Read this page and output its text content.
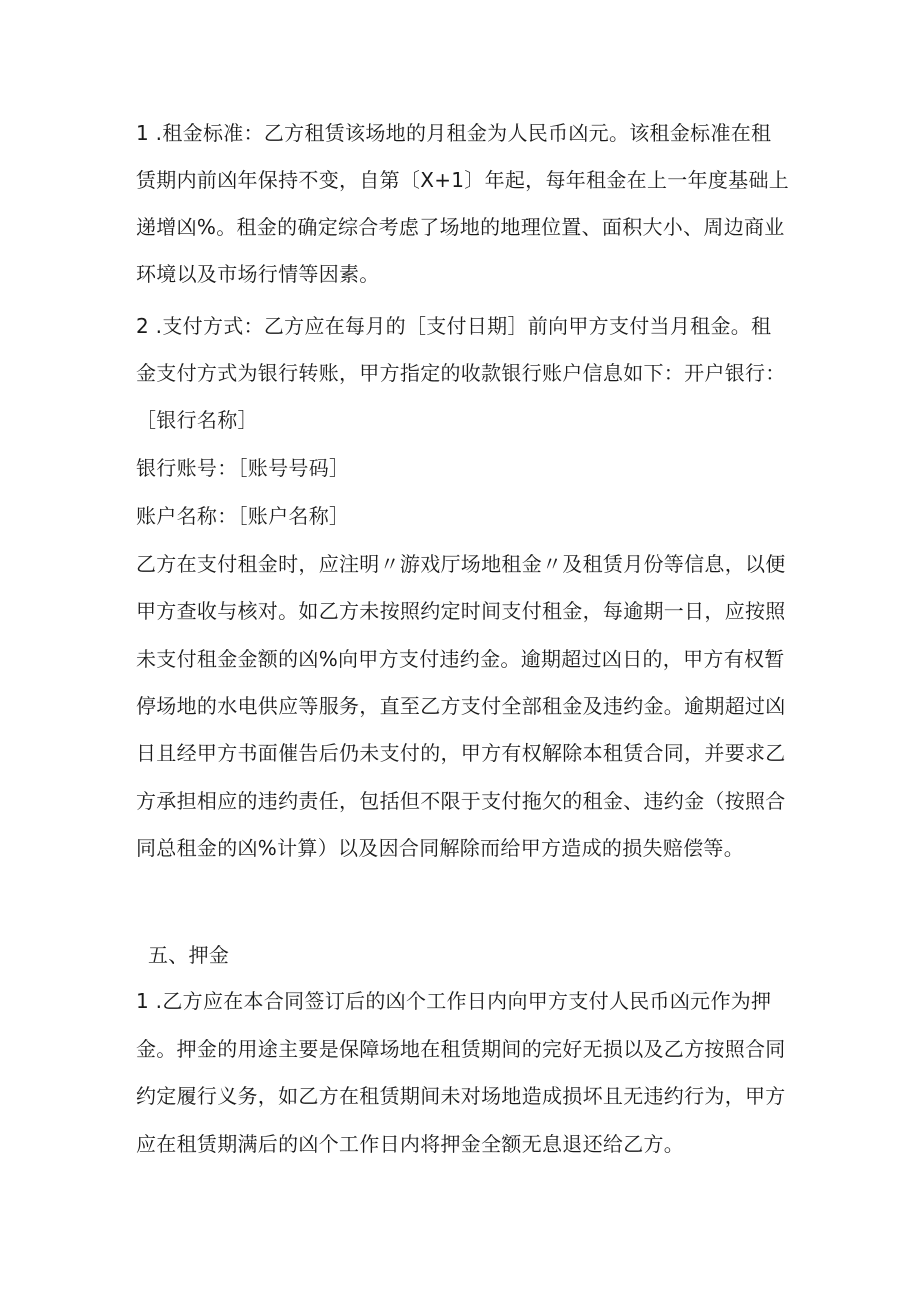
1 .租金标准：乙方租赁该场地的月租金为人民币凶元。该租金标准在租
赁期内前凶年保持不变，自第〔X+1〕年起，每年租金在上一年度基础上
递增凶%。租金的确定综合考虑了场地的地理位置、面积大小、周边商业
环境以及市场行情等因素。
2 .支付方式：乙方应在每月的［支付日期］前向甲方支付当月租金。租
金支付方式为银行转账，甲方指定的收款银行账户信息如下：开户银行：
［银行名称］
银行账号：［账号号码］
账户名称：［账户名称］
乙方在支付租金时，应注明〃游戏厅场地租金〃及租赁月份等信息，以便
甲方查收与核对。如乙方未按照约定时间支付租金，每逾期一日，应按照
未支付租金金额的凶%向甲方支付违约金。逾期超过凶日的，甲方有权暂
停场地的水电供应等服务，直至乙方支付全部租金及违约金。逾期超过凶
日且经甲方书面催告后仍未支付的，甲方有权解除本租赁合同，并要求乙
方承担相应的违约责任，包括但不限于支付拖欠的租金、违约金（按照合
同总租金的凶%计算）以及因合同解除而给甲方造成的损失赔偿等。
五、押金
1 .乙方应在本合同签订后的凶个工作日内向甲方支付人民币凶元作为押
金。押金的用途主要是保障场地在租赁期间的完好无损以及乙方按照合同
约定履行义务，如乙方在租赁期间未对场地造成损坏且无违约行为，甲方
应在租赁期满后的凶个工作日内将押金全额无息退还给乙方。
